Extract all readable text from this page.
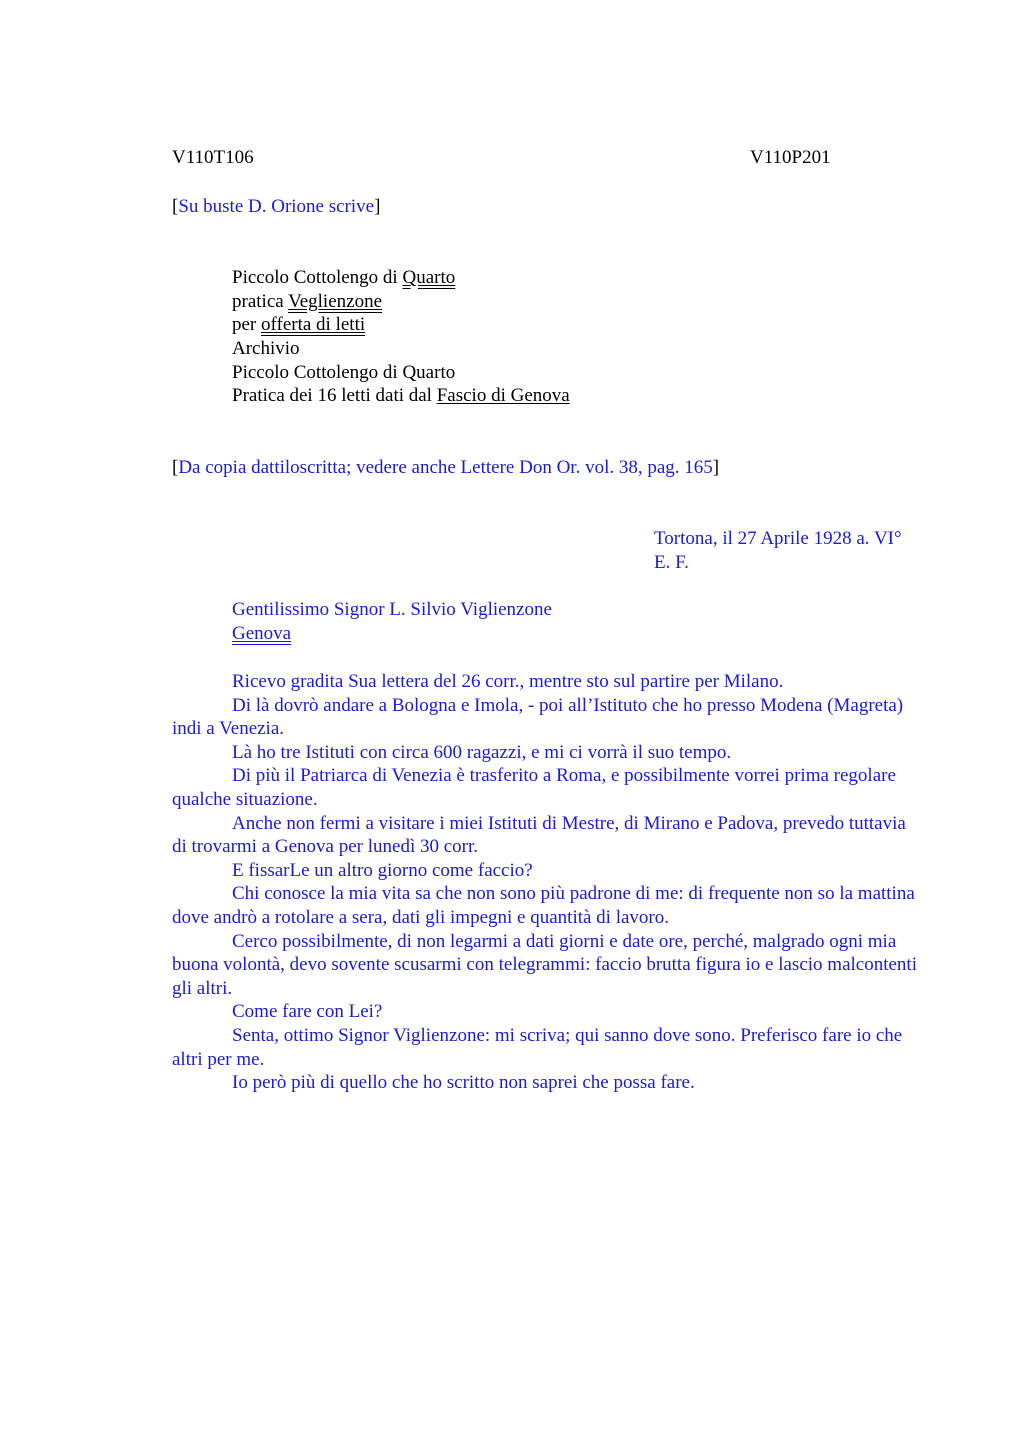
V110T106	V110P201
[Su buste D. Orione scrive]
Piccolo Cottolengo di Quarto
pratica Veglienzone
per offerta di letti
Archivio
Piccolo Cottolengo di Quarto
Pratica dei 16 letti dati dal Fascio di Genova
[Da copia dattiloscritta; vedere anche Lettere Don Or. vol. 38, pag. 165]
Tortona, il 27 Aprile 1928 a. VI°
E. F.
Gentilissimo Signor L. Silvio Viglienzone
Genova

Ricevo gradita Sua lettera del 26 corr., mentre sto sul partire per Milano.

Di là dovrò andare a Bologna e Imola, - poi all’Istituto che ho presso Modena (Magreta) indi a Venezia.

Là ho tre Istituti con circa 600 ragazzi, e mi ci vorrà il suo tempo.

Di più il Patriarca di Venezia è trasferito a Roma, e possibilmente vorrei prima regolare qualche situazione.

Anche non fermi a visitare i miei Istituti di Mestre, di Mirano e Padova, prevedo tuttavia di trovarmi a Genova per lunedì 30 corr.

E fissarLe un altro giorno come faccio?

Chi conosce la mia vita sa che non sono più padrone di me: di frequente non so la mattina dove andrò a rotolare a sera, dati gli impegni e quantità di lavoro.

Cerco possibilmente, di non legarmi a dati giorni e date ore, perché, malgrado ogni mia buona volontà, devo sovente scusarmi con telegrammi: faccio brutta figura io e lascio malcontenti gli altri.

Come fare con Lei?

Senta, ottimo Signor Viglienzone: mi scriva; qui sanno dove sono. Preferisco fare io che altri per me.

Io però più di quello che ho scritto non saprei che possa fare.
